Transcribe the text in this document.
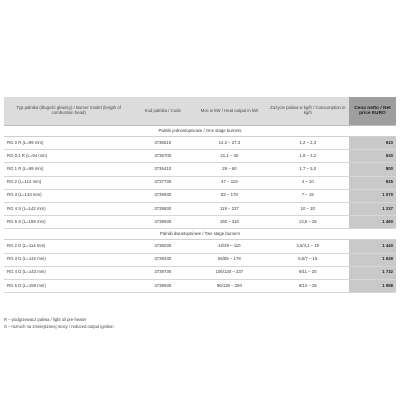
Typ palnika (długość głowicy) / Burner model (length of combustion head)	Kod palnika / Code	Moc w kW / Heat output in kW	Zużycie paliwa w kg/h / Consumption in kg/h	Cena netto / Net price EURO
Palniki jednostopniowe / One stage burners				
RG 0 R (L=99 mm)	3736510	14,2 – 27,3	1,2 – 2,3	610
RG 0,1 R (L=94 mm)	3736700	21,1 – 30	1,8 – 3,2	630
RG 1 R (L=99 mm)	3736410	29 – 60	1,7 – 5,0	800
RG 2 (L=114 mm)	3737730	47 – 119	4 – 10	925
RG 3 (L=143 mm)	3739930	83 – 178	7 – 15	1 070
RG 4 S (L=142 mm)	3739830	119 – 237	10 – 20	1 237
RG 5 S (L=159 mm)	3739930	160 – 310	13,5 – 26	1 460
Palniki dwustopniowe / Two stage burners				
RG 2 D (L=114 mm)	3738030	42/49 – 110	3,6/4,1 – 10	1 440
RG 3 D (L=142 mm)	3739430	65/85 – 178	5,5/7 – 15	1 649
RG 4 D (L=143 mm)	3739730	106/130 – 237	9/11 – 20	1 732
RG 5 D (L=159 mm)	3739930	96/130 – 294	8/12 – 25	1 998
R – podgrzewacz paliwa / light oil pre-heater
S – rozruch na zmniejszonej mocy / reduced output ignition
